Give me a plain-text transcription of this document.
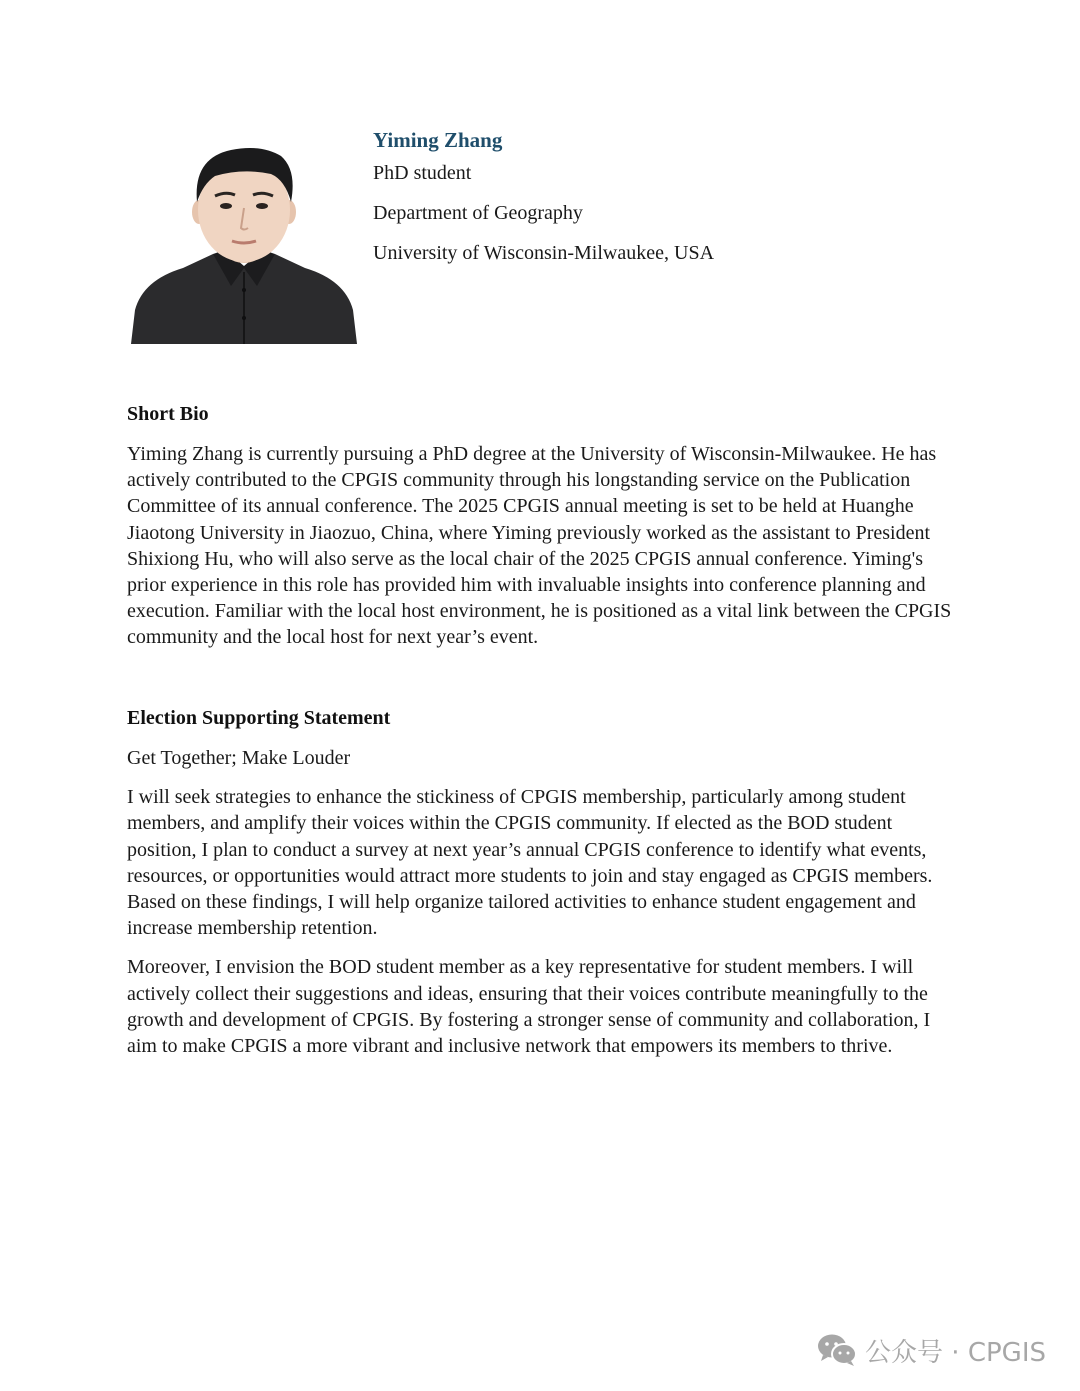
Yiming Zhang
PhD student
Department of Geography
University of Wisconsin-Milwaukee, USA
Short Bio

Yiming Zhang is currently pursuing a PhD degree at the University of Wisconsin-Milwaukee. He has actively contributed to the CPGIS community through his longstanding service on the Publication Committee of its annual conference. The 2025 CPGIS annual meeting is set to be held at Huanghe Jiaotong University in Jiaozuo, China, where Yiming previously worked as the assistant to President Shixiong Hu, who will also serve as the local chair of the 2025 CPGIS annual conference. Yiming's prior experience in this role has provided him with invaluable insights into conference planning and execution. Familiar with the local host environment, he is positioned as a vital link between the CPGIS community and the local host for next year’s event.

Election Supporting Statement

Get Together; Make Louder

I will seek strategies to enhance the stickiness of CPGIS membership, particularly among student members, and amplify their voices within the CPGIS community. If elected as the BOD student position, I plan to conduct a survey at next year’s annual CPGIS conference to identify what events, resources, or opportunities would attract more students to join and stay engaged as CPGIS members. Based on these findings, I will help organize tailored activities to enhance student engagement and increase membership retention.

Moreover, I envision the BOD student member as a key representative for student members. I will actively collect their suggestions and ideas, ensuring that their voices contribute meaningfully to the growth and development of CPGIS. By fostering a stronger sense of community and collaboration, I aim to make CPGIS a more vibrant and inclusive network that empowers its members to thrive.

公众号 · CPGIS
